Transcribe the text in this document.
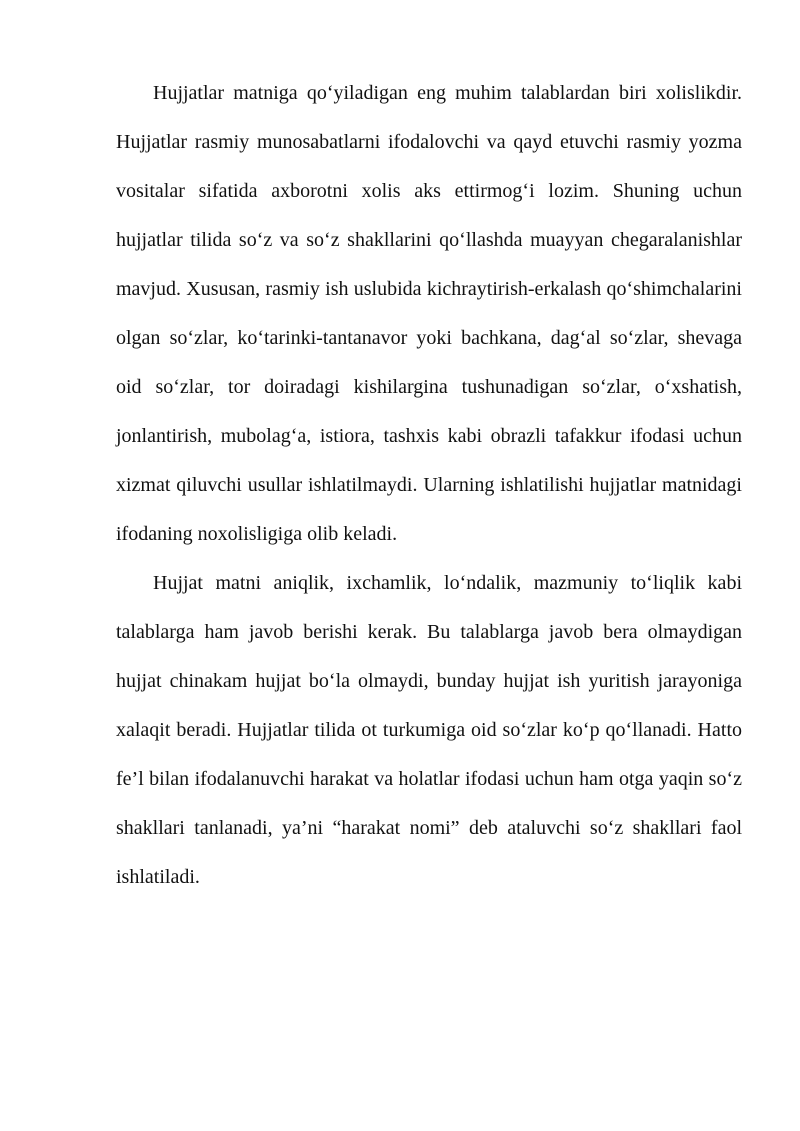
Hujjatlar matniga qo‘yiladigan eng muhim talablardan biri xolislikdir. Hujjatlar rasmiy munosabatlarni ifodalovchi va qayd etuvchi rasmiy yozma vositalar sifatida axborotni xolis aks ettirmog‘i lozim. Shuning uchun hujjatlar tilida so‘z va so‘z shakllarini qo‘llashda muayyan chegaralanishlar mavjud. Xususan, rasmiy ish uslubida kichraytirish-erkalash qo‘shimchalarini olgan so‘zlar, ko‘tarinki-tantanavor yoki bachkana, dag‘al so‘zlar, shevaga oid so‘zlar, tor doiradagi kishilargina tushunadigan so‘zlar, o‘xshatish, jonlantirish, mubolag‘a, istiora, tashxis kabi obrazli tafakkur ifodasi uchun xizmat qiluvchi usullar ishlatilmaydi. Ularning ishlatilishi hujjatlar matnidagi ifodaning noxolisligiga olib keladi.

Hujjat matni aniqlik, ixchamlik, lo‘ndalik, mazmuniy to‘liqlik kabi talablarga ham javob berishi kerak. Bu talablarga javob bera olmaydigan hujjat chinakam hujjat bo‘la olmaydi, bunday hujjat ish yuritish jarayoniga xalaqit beradi. Hujjatlar tilida ot turkumiga oid so‘zlar ko‘p qo‘llanadi. Hatto fe’l bilan ifodalanuvchi harakat va holatlar ifodasi uchun ham otga yaqin so‘z shakllari tanlanadi, ya’ni “harakat nomi” deb ataluvchi so‘z shakllari faol ishlatiladi.
